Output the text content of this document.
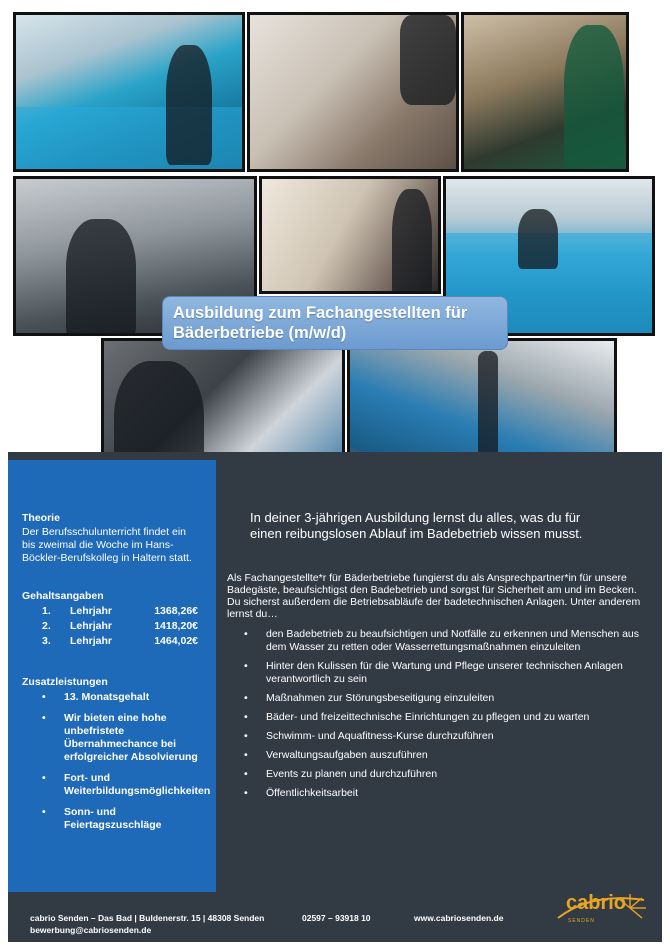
Ausbildung zum Fachangestellten für Bäderbetriebe (m/w/d)
Theorie

Der Berufsschulunterricht findet ein bis zweimal die Woche im Hans-Böckler-Berufskolleg in Haltern statt.

Gehaltsangaben
1.	Lehrjahr	1368,26€
2.	Lehrjahr	1418,20€
3.	Lehrjahr	1464,02€
Zusatzleistungen
• 13. Monatsgehalt
• Wir bieten eine hohe unbefristete Übernahmechance bei erfolgreicher Absolvierung
• Fort- und Weiterbildungsmöglichkeiten
• Sonn- und Feiertagszuschläge

In deiner 3-jährigen Ausbildung lernst du alles, was du für einen reibungslosen Ablauf im Badebetrieb wissen musst.

Als Fachangestellte*r für Bäderbetriebe fungierst du als Ansprechpartner*in für unsere Badegäste, beaufsichtigst den Badebetrieb und sorgst für Sicherheit am und im Becken. Du sicherst außerdem die Betriebsabläufe der badetechnischen Anlagen. Unter anderem lernst du…

• den Badebetrieb zu beaufsichtigen und Notfälle zu erkennen und Menschen aus dem Wasser zu retten oder Wasserrettungsmaßnahmen einzuleiten
• Hinter den Kulissen für die Wartung und Pflege unserer technischen Anlagen verantwortlich zu sein
• Maßnahmen zur Störungsbeseitigung einzuleiten
• Bäder- und freizeittechnische Einrichtungen zu pflegen und zu warten
• Schwimm- und Aquafitness-Kurse durchzuführen
• Verwaltungsaufgaben auszuführen
• Events zu planen und durchzuführen
• Öffentlichkeitsarbeit
cabrio Senden – Das Bad | Buldenerstr. 15 | 48308 Senden	02597 – 93918 10	www.cabriosenden.de
bewerbung@cabriosenden.de
cabrio
SENDEN
